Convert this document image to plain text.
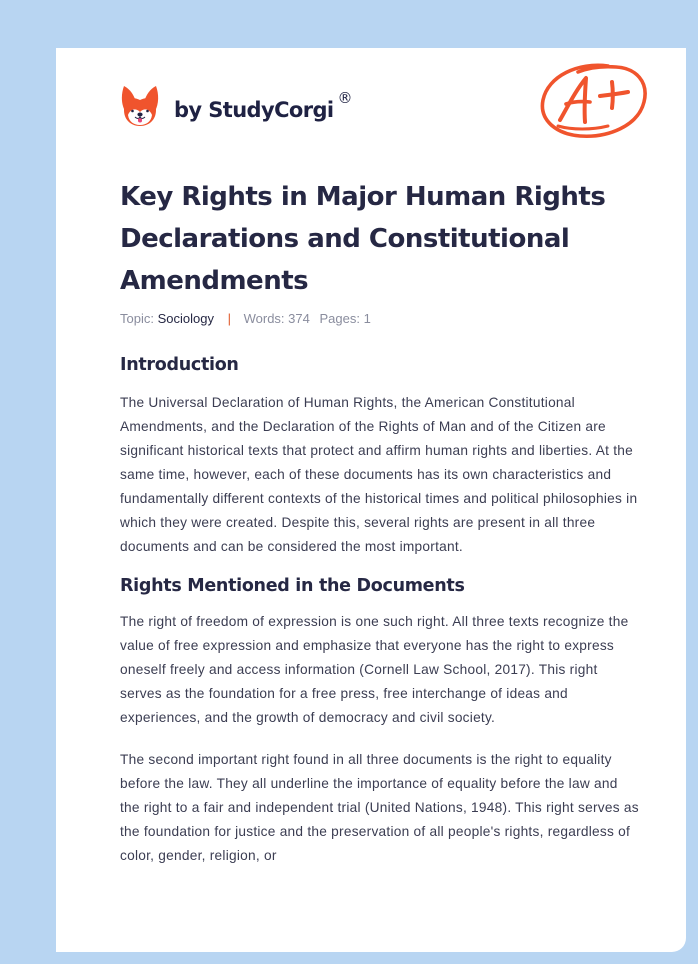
by StudyCorgi ®
Key Rights in Major Human Rights Declarations and Constitutional Amendments
Topic: Sociology | Words: 374 Pages: 1
Introduction

The Universal Declaration of Human Rights, the American Constitutional Amendments, and the Declaration of the Rights of Man and of the Citizen are significant historical texts that protect and affirm human rights and liberties. At the same time, however, each of these documents has its own characteristics and fundamentally different contexts of the historical times and political philosophies in which they were created. Despite this, several rights are present in all three documents and can be considered the most important.

Rights Mentioned in the Documents

The right of freedom of expression is one such right. All three texts recognize the value of free expression and emphasize that everyone has the right to express oneself freely and access information (Cornell Law School, 2017). This right serves as the foundation for a free press, free interchange of ideas and experiences, and the growth of democracy and civil society.

The second important right found in all three documents is the right to equality before the law. They all underline the importance of equality before the law and the right to a fair and independent trial (United Nations, 1948). This right serves as the foundation for justice and the preservation of all people's rights, regardless of color, gender, religion, or
